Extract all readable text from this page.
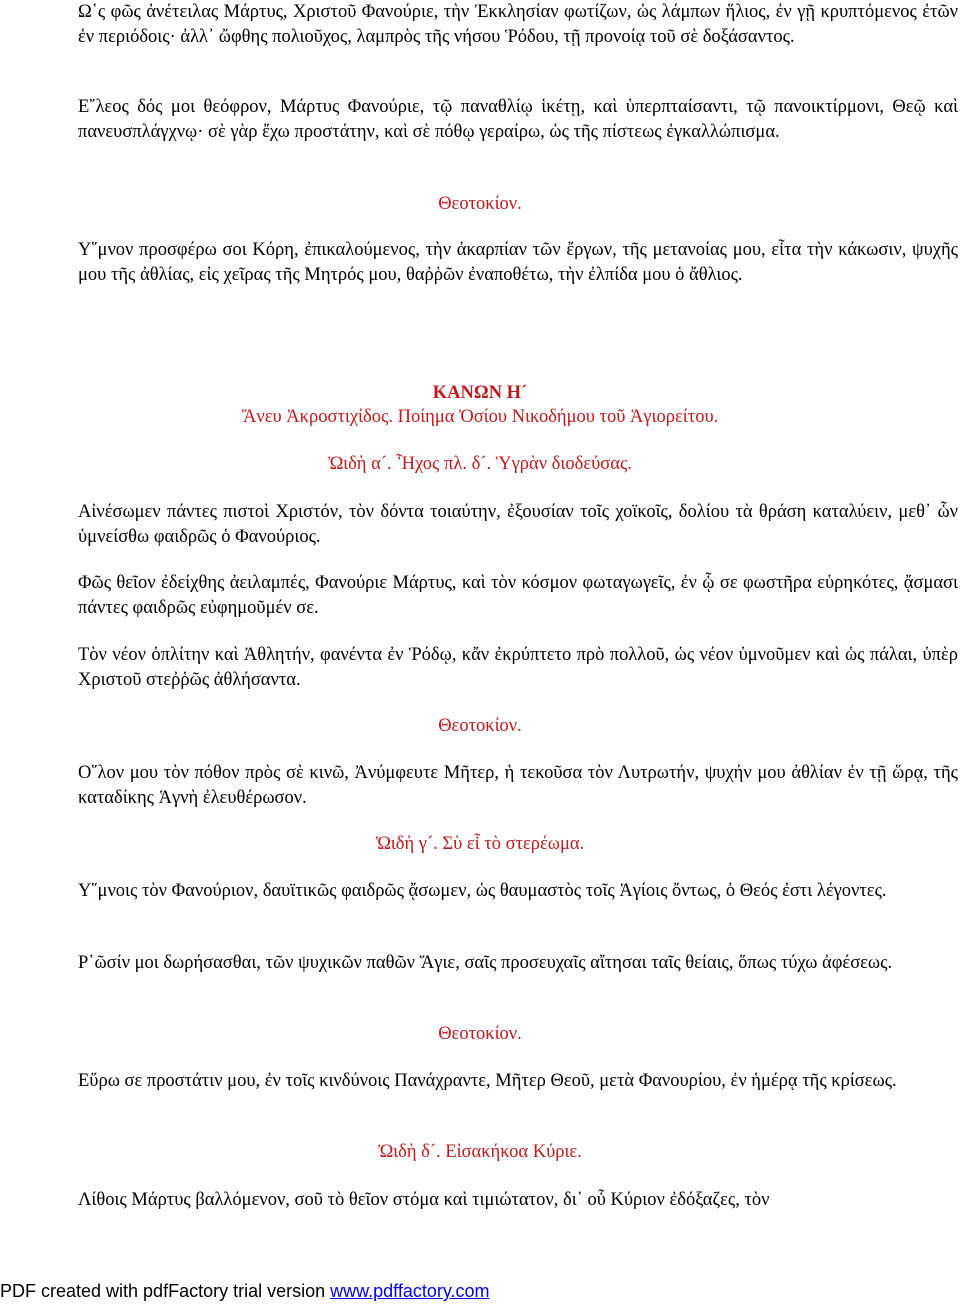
Ω῾ς φῶς ἀνέτειλας Μάρτυς, Χριστοῦ Φανούριε, τὴν Ἐκκλησίαν φωτίζων, ὡς λάμπων ἥλιος, ἐν γῇ κρυπτόμενος ἐτῶν ἐν περιόδοις· ἀλλ᾽ ὤφθης πολιοῦχος, λαμπρὸς τῆς νήσου Ῥόδου, τῇ προνοίᾳ τοῦ σὲ δοξάσαντος.

Ε῎λεος δός μοι θεόφρον, Μάρτυς Φανούριε, τῷ παναθλίῳ ἱκέτῃ, καὶ ὑπερπταίσαντι, τῷ πανοικτίρμονι, Θεῷ καὶ πανευσπλάγχνῳ· σὲ γὰρ ἔχω προστάτην, καὶ σὲ πόθῳ γεραίρω, ὡς τῆς πίστεως ἐγκαλλώπισμα.

Θεοτοκίον.

Υ῞μνον προσφέρω σοι Κόρη, ἐπικαλούμενος, τὴν ἀκαρπίαν τῶν ἔργων, τῆς μετανοίας μου, εἶτα τὴν κάκωσιν, ψυχῆς μου τῆς ἀθλίας, εἰς χεῖρας τῆς Μητρός μου, θαῤῥῶν ἐναποθέτω, τὴν ἐλπίδα μου ὁ ἄθλιος.

ΚΑΝΩΝ Η´

Ἄνευ Ἀκροστιχίδος. Ποίημα Ὁσίου Νικοδήμου τοῦ Ἁγιορείτου.

Ὠιδὴ α´. Ἦχος πλ. δ´. Ὑγρὰν διοδεύσας.

Αἰνέσωμεν πάντες πιστοὶ Χριστόν, τὸν δόντα τοιαύτην, ἐξουσίαν τοῖς χοϊκοῖς, δολίου τὰ θράση καταλύειν, μεθ᾽ ὧν ὑμνείσθω φαιδρῶς ὁ Φανούριος.

Φῶς θεῖον ἐδείχθης ἀειλαμπές, Φανούριε Μάρτυς, καὶ τὸν κόσμον φωταγωγεῖς, ἐν ᾧ σε φωστῆρα εὑρηκότες, ᾄσμασι πάντες φαιδρῶς εὐφημοῦμέν σε.

Τὸν νέον ὁπλίτην καὶ Ἀθλητήν, φανέντα ἐν Ῥόδῳ, κἄν ἐκρύπτετο πρὸ πολλοῦ, ὡς νέον ὑμνοῦμεν καὶ ὡς πάλαι, ὑπὲρ Χριστοῦ στεῤῥῶς ἀθλήσαντα.

Θεοτοκίον.

Ο῞λον μου τὸν πόθον πρὸς σὲ κινῶ, Ἀνύμφευτε Μῆτερ, ἡ τεκοῦσα τὸν Λυτρωτήν, ψυχήν μου ἀθλίαν ἐν τῇ ὥρᾳ, τῆς καταδίκης Ἁγνὴ ἐλευθέρωσον.

Ὠιδὴ γ´. Σὺ εἶ τὸ στερέωμα.

Υ῞μνοις τὸν Φανούριον, δαυϊτικῶς φαιδρῶς ᾄσωμεν, ὡς θαυμαστὸς τοῖς Ἁγίοις ὄντως, ὁ Θεός ἐστι λέγοντες.

Ρ῾ῶσίν μοι δωρήσασθαι, τῶν ψυχικῶν παθῶν Ἅγιε, σαῖς προσευχαῖς αἴτησαι ταῖς θείαις, ὅπως τύχω ἀφέσεως.

Θεοτοκίον.

Εὕρω σε προστάτιν μου, ἐν τοῖς κινδύνοις Πανάχραντε, Μῆτερ Θεοῦ, μετὰ Φανουρίου, ἐν ἡμέρᾳ τῆς κρίσεως.

Ὠιδὴ δ´. Εἰσακήκοα Κύριε.

Λίθοις Μάρτυς βαλλόμενον, σοῦ τὸ θεῖον στόμα καὶ τιμιώτατον, δι᾽ οὗ Κύριον ἐδόξαζες, τὸν

PDF created with pdfFactory trial version www.pdffactory.com
